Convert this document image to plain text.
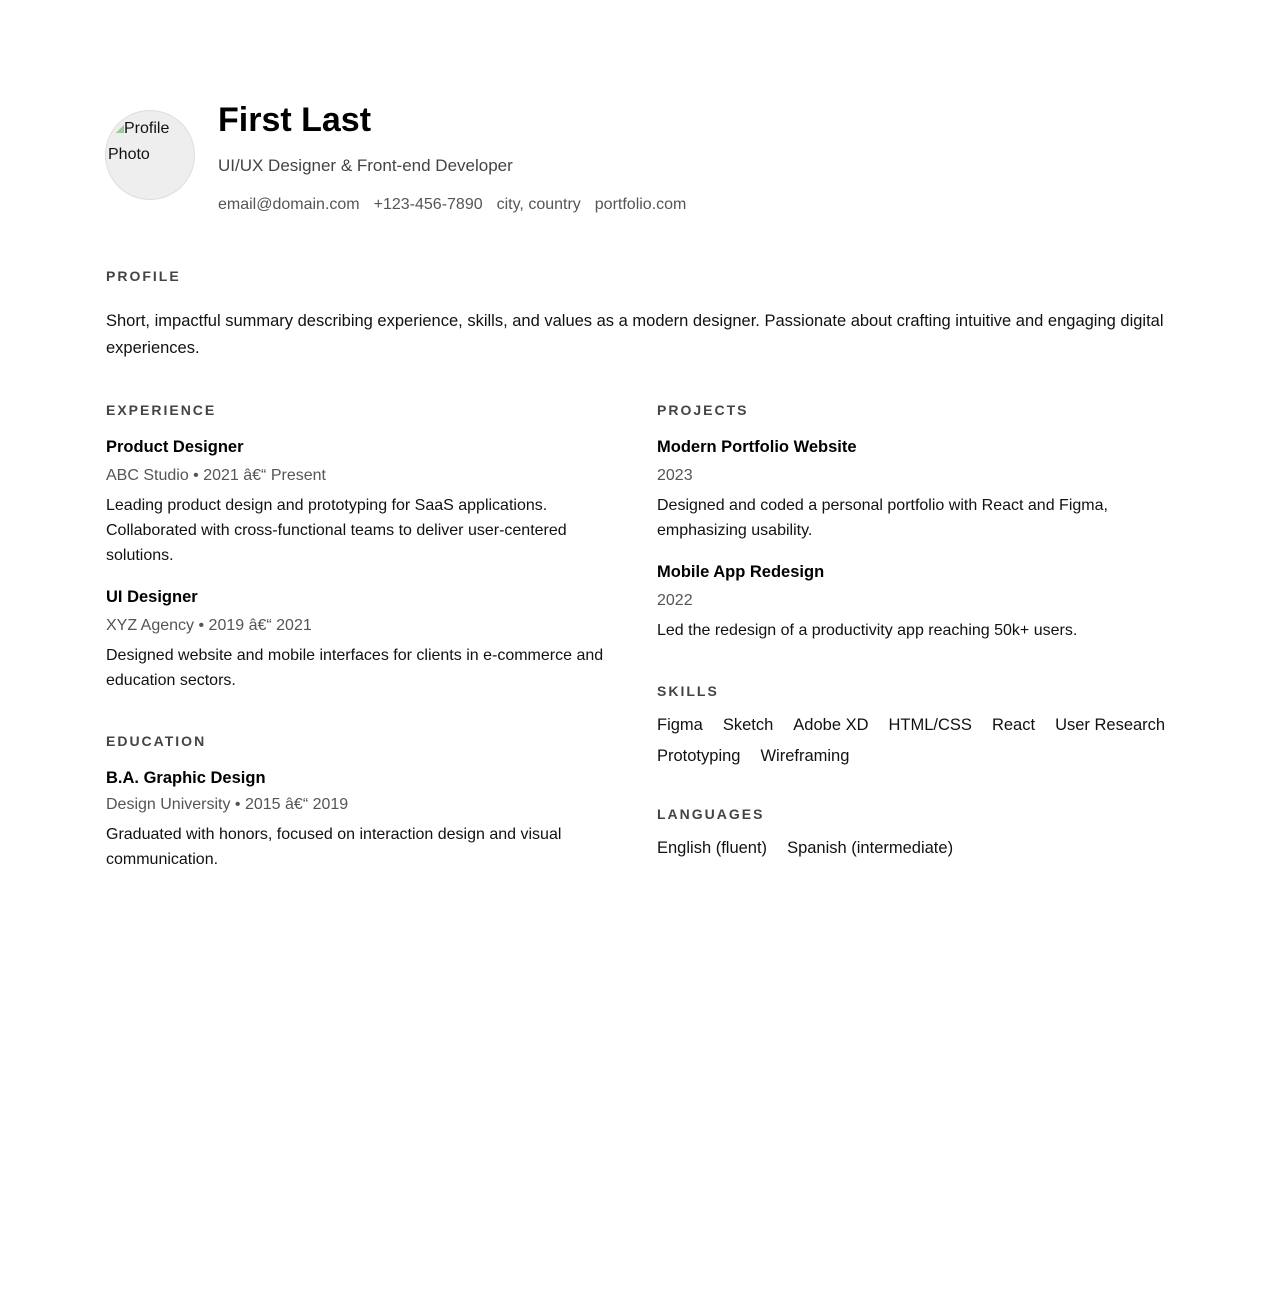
Profile Photo
First Last
UI/UX Designer & Front-end Developer
email@domain.com +123-456-7890 city, country portfolio.com
PROFILE
Short, impactful summary describing experience, skills, and values as a modern designer. Passionate about crafting intuitive and engaging digital experiences.
EXPERIENCE
Product Designer
ABC Studio • 2021 â€“ Present
Leading product design and prototyping for SaaS applications. Collaborated with cross-functional teams to deliver user-centered solutions.
UI Designer
XYZ Agency • 2019 â€“ 2021
Designed website and mobile interfaces for clients in e-commerce and education sectors.
EDUCATION
B.A. Graphic Design
Design University • 2015 â€“ 2019
Graduated with honors, focused on interaction design and visual communication.
PROJECTS
Modern Portfolio Website
2023
Designed and coded a personal portfolio with React and Figma, emphasizing usability.
Mobile App Redesign
2022
Led the redesign of a productivity app reaching 50k+ users.
SKILLS
Figma Sketch Adobe XD HTML/CSS React User Research
Prototyping Wireframing
LANGUAGES
English (fluent) Spanish (intermediate)
